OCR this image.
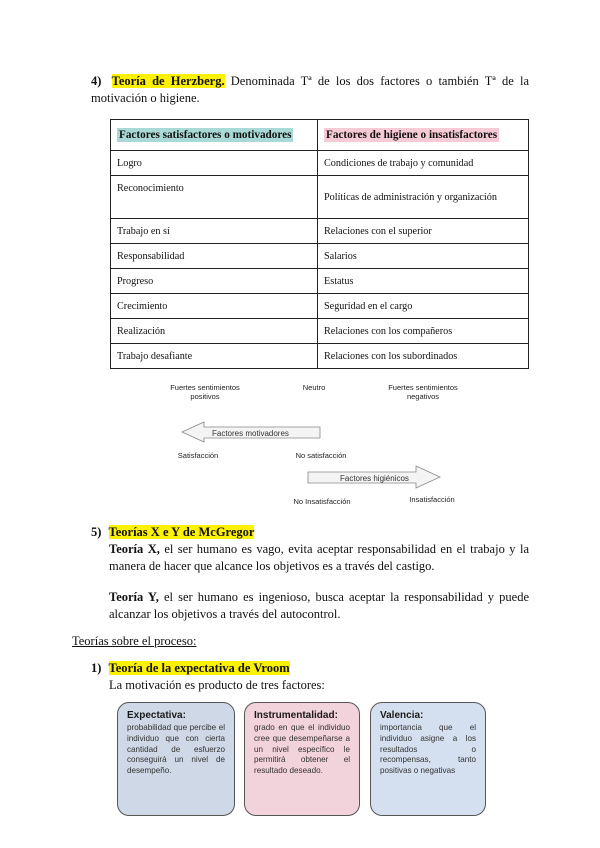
4) Teoría de Herzberg. Denominada Tª de los dos factores o también Tª de la motivación o higiene.
Factores satisfactores o motivadores	Factores de higiene o insatisfactores
Logro	Condiciones de trabajo y comunidad
Reconocimiento	Políticas de administración y organización
Trabajo en sí	Relaciones con el superior
Responsabilidad	Salarios
Progreso	Estatus
Crecimiento	Seguridad en el cargo
Realización	Relaciones con los compañeros
Trabajo desafiante	Relaciones con los subordinados
Fuertes sentimientos positivos
Neutro	Fuertes sentimientos negativos
Factores motivadores
Satisfacción	No satisfacción
Factores higiénicos
No Insatisfacción	Insatisfacción
5) Teorías X e Y de McGregor
Teoría X, el ser humano es vago, evita aceptar responsabilidad en el trabajo y la manera de hacer que alcance los objetivos es a través del castigo.
Teoría Y, el ser humano es ingenioso, busca aceptar la responsabilidad y puede alcanzar los objetivos a través del autocontrol.
Teorías sobre el proceso:
1) Teoría de la expectativa de Vroom
La motivación es producto de tres factores:
Expectativa:
probabilidad que percibe el individuo que con cierta cantidad de esfuerzo conseguirá un nivel de desempeño.
Instrumentalidad:
grado en que el individuo cree que desempeñarse a un nivel específico le permitirá obtener el resultado deseado.
Valencia:
importancia que el individuo asigne a los resultados o recompensas, tanto positivas o negativas
